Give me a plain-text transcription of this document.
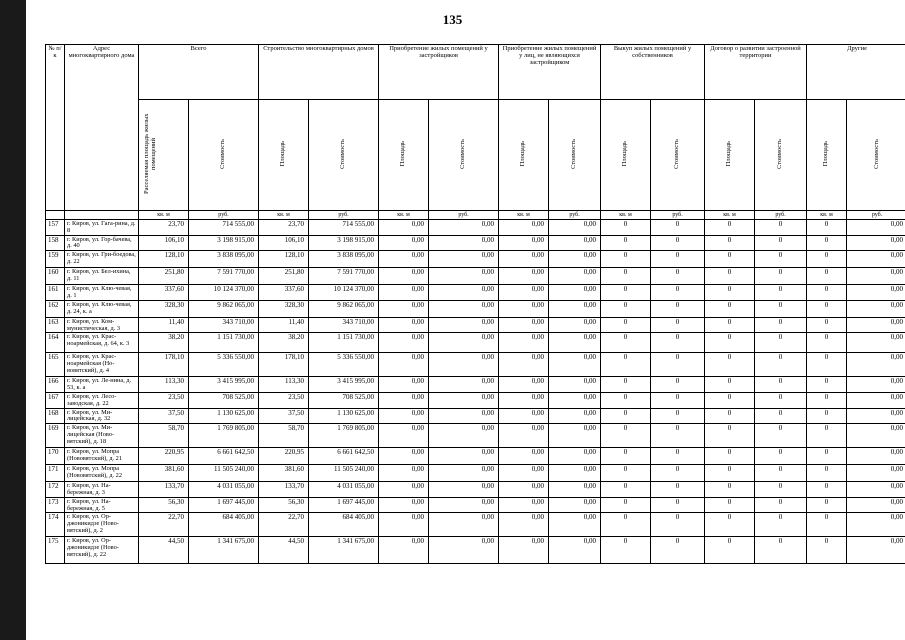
135
№ п/к	Адрес многоквартирного дома	Всего		Строительство многоквартирных домов		Приобретение жилых помещений у застройщиков		Приобретение жилых помещений у лиц, не являющихся застройщиком		Выкуп жилых помещений у собственников		Договор о развитии застроенной территории		Другие	
		Расселяемая площадь жилых помещений	Стоимость	Площадь	Стоимость	Площадь	Стоимость	Площадь	Стоимость	Площадь	Стоимость	Площадь	Стоимость	Площадь	Стоимость
		кв. м	руб.	кв. м	руб.	кв. м	руб.	кв. м	руб.	кв. м	руб.	кв. м	руб.	кв. м	руб.
157	г. Киров, ул. Гага-рина, д. 8	23,70	714 555,00	23,70	714 555,00	0,00	0,00	0,00	0,00	0	0	0	0	0	0,00
158	г. Киров, ул. Гор-бачева, д. 40	106,10	3 198 915,00	106,10	3 198 915,00	0,00	0,00	0,00	0,00	0	0	0	0	0	0,00
159	г. Киров, ул. Гри-боедова, д. 22	128,10	3 838 095,00	128,10	3 838 095,00	0,00	0,00	0,00	0,00	0	0	0	0	0	0,00
160	г. Киров, ул. Бел-ихина, д. 11	251,80	7 591 770,00	251,80	7 591 770,00	0,00	0,00	0,00	0,00	0	0	0	0	0	0,00
161	г. Киров, ул. Клю-чевая, д. 1	337,60	10 124 370,00	337,60	10 124 370,00	0,00	0,00	0,00	0,00	0	0	0	0	0	0,00
162	г. Киров, ул. Клю-чевая, д. 24, к. а	328,30	9 862 065,00	328,30	9 862 065,00	0,00	0,00	0,00	0,00	0	0	0	0	0	0,00
163	г. Киров, ул. Ком-мунистическая, д. 3	11,40	343 710,00	11,40	343 710,00	0,00	0,00	0,00	0,00	0	0	0	0	0	0,00
164	г. Киров, ул. Крас-ноармейская, д. 64, к. 3	38,20	1 151 730,00	38,20	1 151 730,00	0,00	0,00	0,00	0,00	0	0	0	0	0	0,00
165	г. Киров, ул. Крас-ноармейская (Но-вовятский), д. 4	178,10	5 336 550,00	178,10	5 336 550,00	0,00	0,00	0,00	0,00	0	0	0	0	0	0,00
166	г. Киров, ул. Ле-нина, д. 53, к. а	113,30	3 415 995,00	113,30	3 415 995,00	0,00	0,00	0,00	0,00	0	0	0	0	0	0,00
167	г. Киров, ул. Лесо-заводская, д. 22	23,50	708 525,00	23,50	708 525,00	0,00	0,00	0,00	0,00	0	0	0	0	0	0,00
168	г. Киров, ул. Ми-лицейская, д. 32	37,50	1 130 625,00	37,50	1 130 625,00	0,00	0,00	0,00	0,00	0	0	0	0	0	0,00
169	г. Киров, ул. Ми-лицейская (Ново-вятский), д. 18	58,70	1 769 805,00	58,70	1 769 805,00	0,00	0,00	0,00	0,00	0	0	0	0	0	0,00
170	г. Киров, ул. Мопра (Нововятский), д. 21	220,95	6 661 642,50	220,95	6 661 642,50	0,00	0,00	0,00	0,00	0	0	0	0	0	0,00
171	г. Киров, ул. Мопра (Нововятский), д. 22	381,60	11 505 240,00	381,60	11 505 240,00	0,00	0,00	0,00	0,00	0	0	0	0	0	0,00
172	г. Киров, ул. На-бережная, д. 3	133,70	4 031 055,00	133,70	4 031 055,00	0,00	0,00	0,00	0,00	0	0	0	0	0	0,00
173	г. Киров, ул. На-бережная, д. 5	56,30	1 697 445,00	56,30	1 697 445,00	0,00	0,00	0,00	0,00	0	0	0	0	0	0,00
174	г. Киров, ул. Ор-джоникидзе (Ново-вятский), д. 2	22,70	684 405,00	22,70	684 405,00	0,00	0,00	0,00	0,00	0	0	0	0	0	0,00
175	г. Киров, ул. Ор-джоникидзе (Ново-вятский), д. 22	44,50	1 341 675,00	44,50	1 341 675,00	0,00	0,00	0,00	0,00	0	0	0	0	0	0,00
